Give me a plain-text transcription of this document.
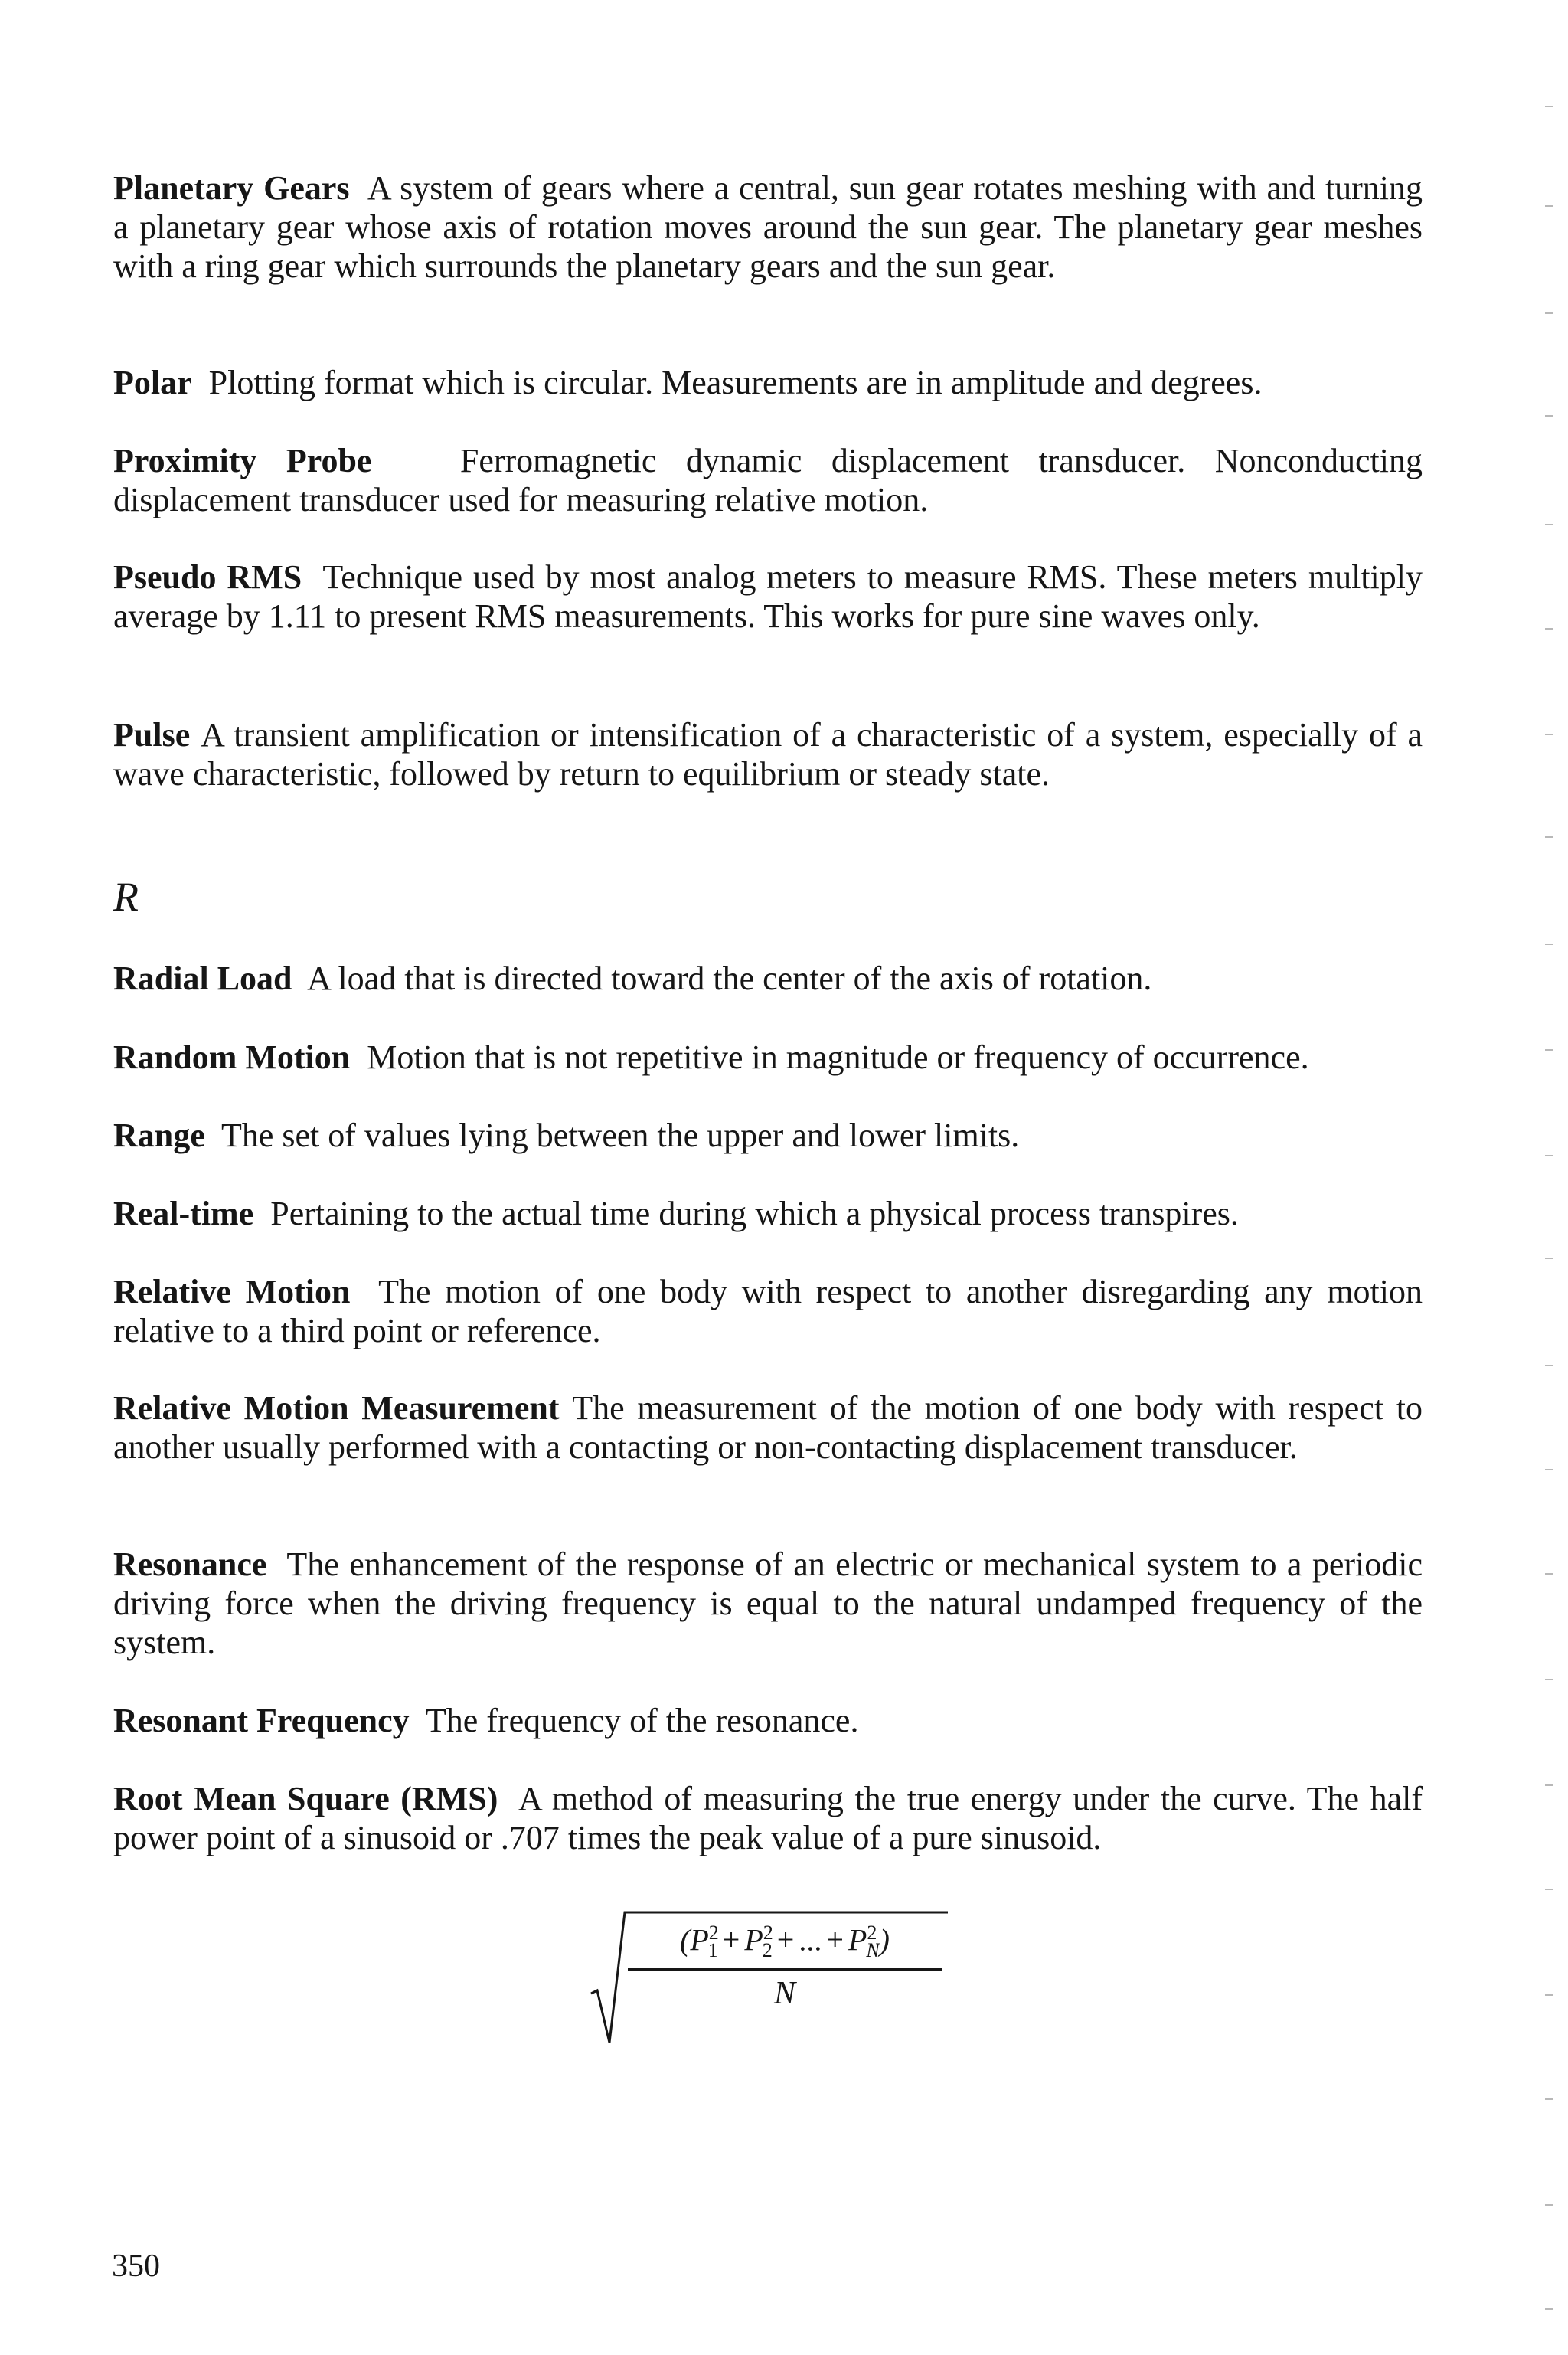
Planetary Gears A system of gears where a central, sun gear rotates meshing with and turning a planetary gear whose axis of rotation moves around the sun gear. The planetary gear meshes with a ring gear which surrounds the planetary gears and the sun gear.

Polar Plotting format which is circular. Measurements are in amplitude and degrees.

Proximity Probe	Ferromagnetic dynamic displacement transducer. Nonconducting displacement transducer used for measuring relative motion.

Pseudo RMS Technique used by most analog meters to measure RMS. These meters multiply average by 1.11 to present RMS measurements. This works for pure sine waves only.

Pulse A transient amplification or intensification of a characteristic of a system, especially of a wave characteristic, followed by return to equilibrium or steady state.

Radial Load A load that is directed toward the center of the axis of rotation.

Random Motion Motion that is not repetitive in magnitude or frequency of occurrence.

Range The set of values lying between the upper and lower limits.

Real-time Pertaining to the actual time during which a physical process transpires.

Relative Motion The motion of one body with respect to another disregarding any motion relative to a third point or reference.

Relative Motion Measurement The measurement of the motion of one body with respect to another usually performed with a contacting or non-contacting displacement transducer.

Resonance The enhancement of the response of an electric or mechanical system to a periodic driving force when the driving frequency is equal to the natural undamped frequency of the system.

Resonant Frequency The frequency of the resonance.

Root Mean Square (RMS) A method of measuring the true energy under the curve. The half power point of a sinusoid or .707 times the peak value of a pure sinusoid.

R

($P^2_1 + P^2_2$ + ... + $P^2_N$)
N

350
